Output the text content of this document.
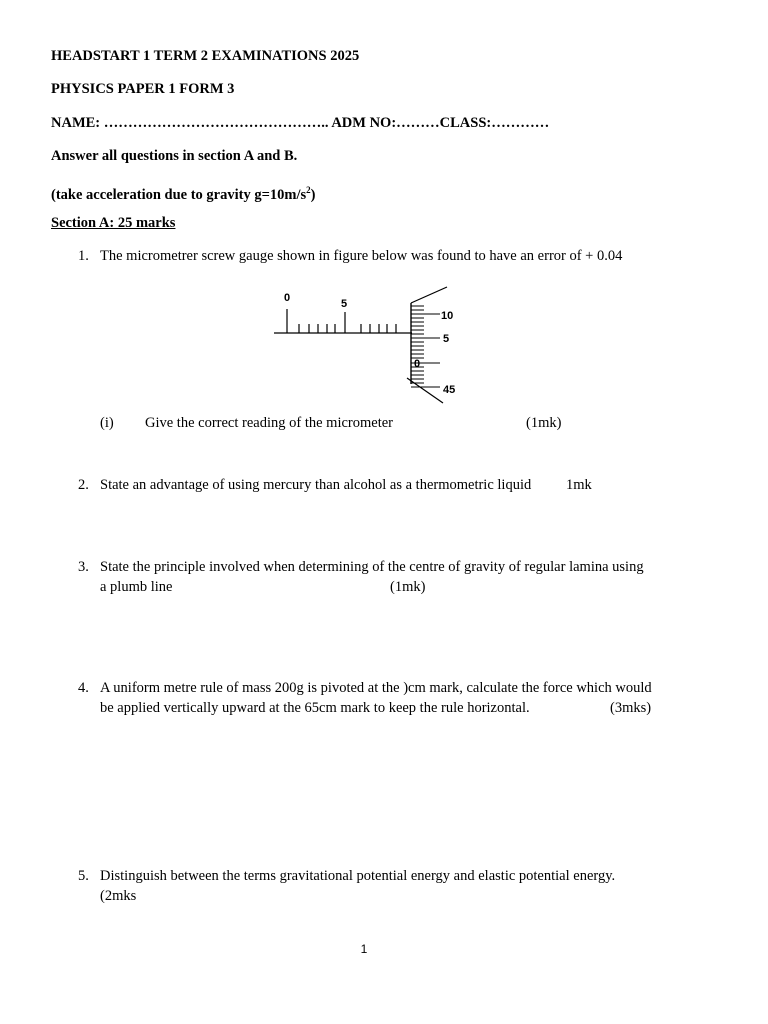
HEADSTART 1 TERM 2 EXAMINATIONS 2025
PHYSICS PAPER 1 FORM 3
NAME: ……………………………………….. ADM NO:………CLASS:…………
Answer all questions in section A and B.
(take acceleration due to gravity $g=10m/s^2$)
Section A: 25 marks
1. The micrometrer screw gauge shown in figure below was found to have an error of + 0.04
0	5
10
5
0
45
(i) Give the correct reading of the micrometer	(1mk)
2. State an advantage of using mercury than alcohol as a thermometric liquid 1mk
3. State the principle involved when determining of the centre of gravity of regular lamina using
a plumb line	(1mk)
4. A uniform metre rule of mass 200g is pivoted at the )cm mark, calculate the force which would
be applied vertically upward at the 65cm mark to keep the rule horizontal.	(3mks)
5. Distinguish between the terms gravitational potential energy and elastic potential energy.
(2mks
1
